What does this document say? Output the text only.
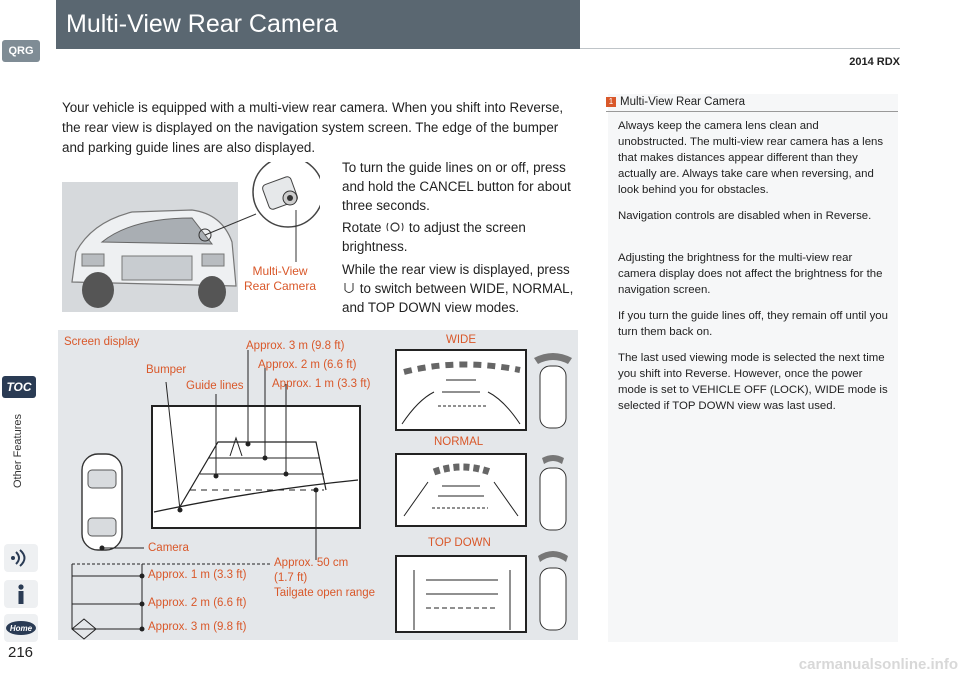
Multi-View Rear Camera
2014 RDX
QRG
TOC
Other Features
Home
216
Your vehicle is equipped with a multi-view rear camera. When you shift into Reverse, the rear view is displayed on the navigation system screen. The edge of the bumper and parking guide lines are also displayed.
Multi-View
Rear Camera
To turn the guide lines on or off, press and hold the CANCEL button for about three seconds.
Rotate to adjust the screen brightness.
While the rear view is displayed, press  to switch between WIDE, NORMAL, and TOP DOWN view modes.
Screen display
Bumper
Guide lines
Approx. 3 m (9.8 ft)
Approx. 2 m (6.6 ft)
Approx. 1 m (3.3 ft)
Camera
Approx. 1 m (3.3 ft)
Approx. 2 m (6.6 ft)
Approx. 3 m (9.8 ft)
Approx. 50 cm
(1.7 ft)
Tailgate open range
WIDE
NORMAL
TOP DOWN
1 Multi-View Rear Camera
Always keep the camera lens clean and unobstructed. The multi-view rear camera has a lens that makes distances appear different than they actually are. Always take care when reversing, and look behind you for obstacles.
Navigation controls are disabled when in Reverse.
Adjusting the brightness for the multi-view rear camera display does not affect the brightness for the navigation screen.
If you turn the guide lines off, they remain off until you turn them back on.
The last used viewing mode is selected the next time you shift into Reverse. However, once the power mode is set to VEHICLE OFF (LOCK), WIDE mode is selected if TOP DOWN view was last used.
carmanualsonline.info
